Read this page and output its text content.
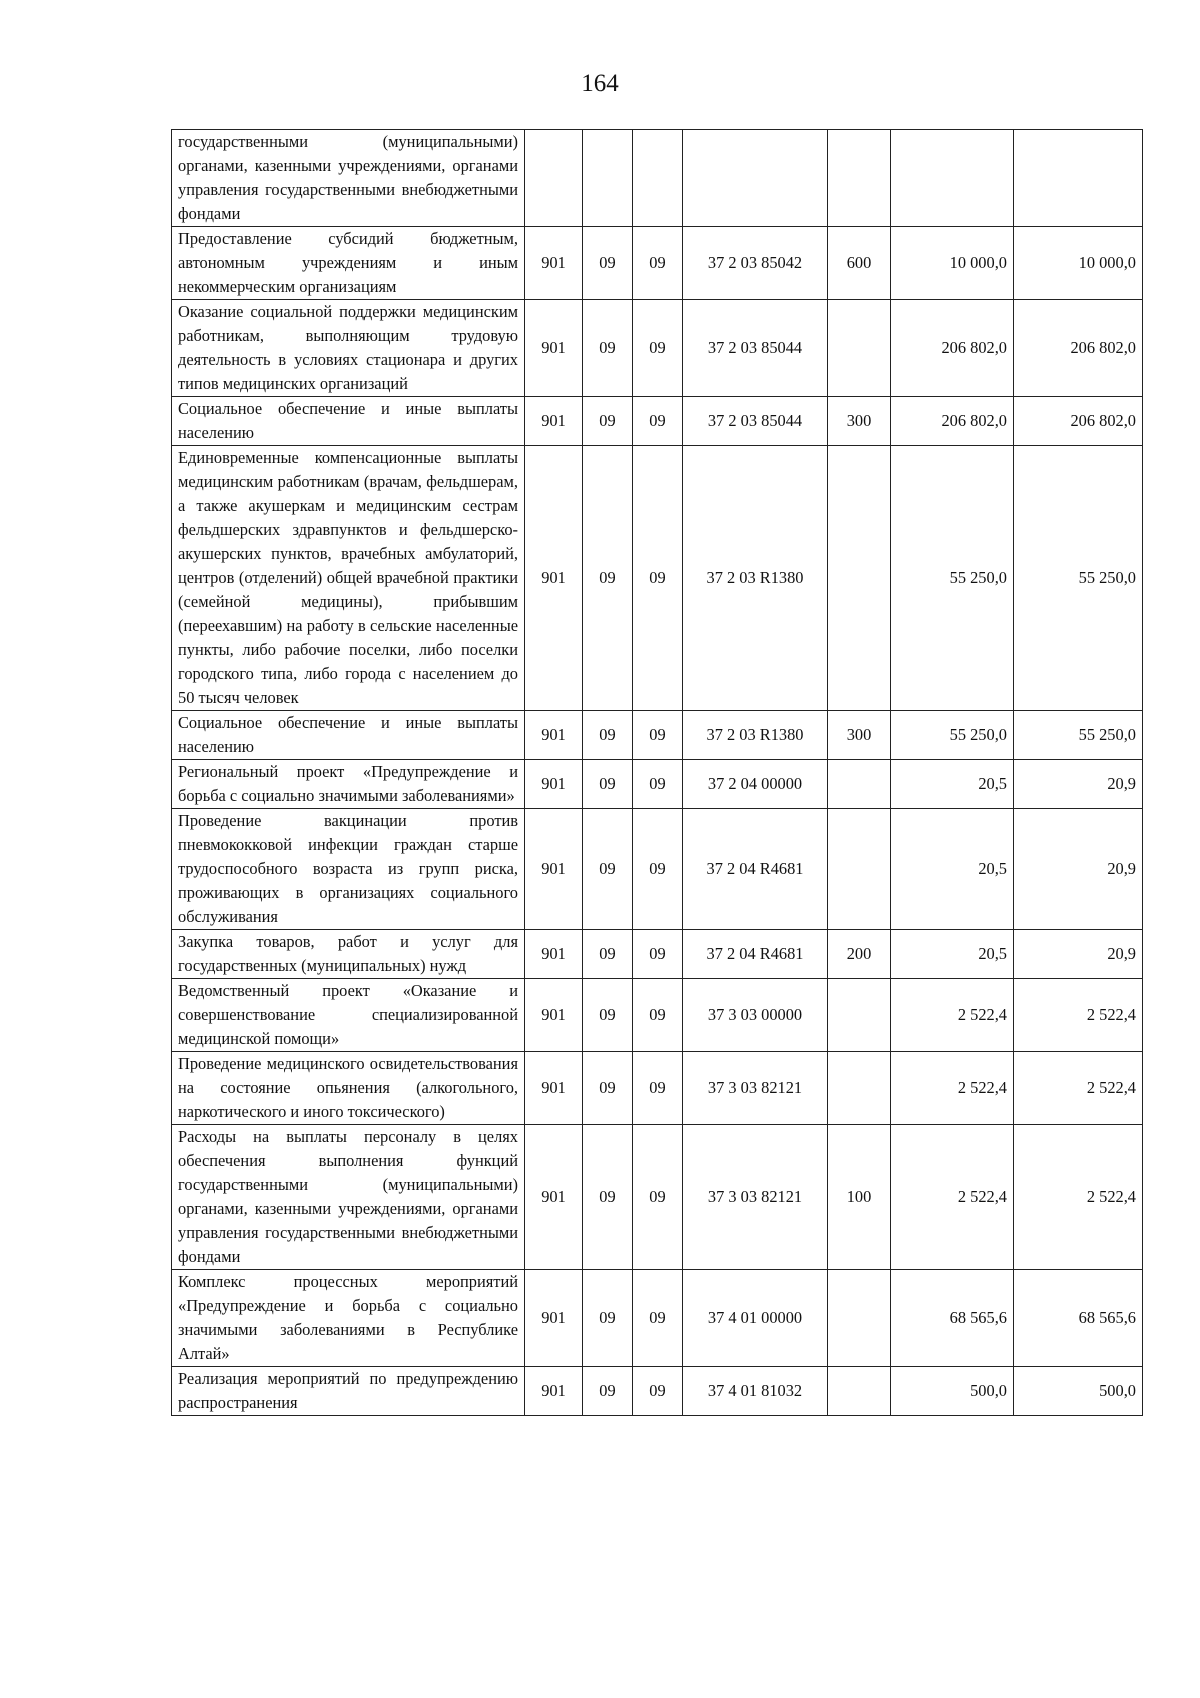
164
государственными (муниципальными) органами, казенными учреждениями, органами управления государственными внебюджетными фондами							
Предоставление субсидий бюджетным, автономным учреждениям и иным некоммерческим организациям	901	09	09	37 2 03 85042	600	10 000,0	10 000,0
Оказание социальной поддержки медицинским работникам, выполняющим трудовую деятельность в условиях стационара и других типов медицинских организаций	901	09	09	37 2 03 85044		206 802,0	206 802,0
Социальное обеспечение и иные выплаты населению	901	09	09	37 2 03 85044	300	206 802,0	206 802,0
Единовременные компенсационные выплаты медицинским работникам (врачам, фельдшерам, а также акушеркам и медицинским сестрам фельдшерских здравпунктов и фельдшерско-акушерских пунктов, врачебных амбулаторий, центров (отделений) общей врачебной практики (семейной медицины), прибывшим (переехавшим) на работу в сельские населенные пункты, либо рабочие поселки, либо поселки городского типа, либо города с населением до 50 тысяч человек	901	09	09	37 2 03 R1380		55 250,0	55 250,0
Социальное обеспечение и иные выплаты населению	901	09	09	37 2 03 R1380	300	55 250,0	55 250,0
Региональный проект «Предупреждение и борьба с социально значимыми заболеваниями»	901	09	09	37 2 04 00000		20,5	20,9
Проведение вакцинации против пневмококковой инфекции граждан старше трудоспособного возраста из групп риска, проживающих в организациях социального обслуживания	901	09	09	37 2 04 R4681		20,5	20,9
Закупка товаров, работ и услуг для государственных (муниципальных) нужд	901	09	09	37 2 04 R4681	200	20,5	20,9
Ведомственный проект «Оказание и совершенствование специализированной медицинской помощи»	901	09	09	37 3 03 00000		2 522,4	2 522,4
Проведение медицинского освидетельствования на состояние опьянения (алкогольного, наркотического и иного токсического)	901	09	09	37 3 03 82121		2 522,4	2 522,4
Расходы на выплаты персоналу в целях обеспечения выполнения функций государственными (муниципальными) органами, казенными учреждениями, органами управления государственными внебюджетными фондами	901	09	09	37 3 03 82121	100	2 522,4	2 522,4
Комплекс процессных мероприятий «Предупреждение и борьба с социально значимыми заболеваниями в Республике Алтай»	901	09	09	37 4 01 00000		68 565,6	68 565,6
Реализация мероприятий по предупреждению распространения	901	09	09	37 4 01 81032		500,0	500,0
